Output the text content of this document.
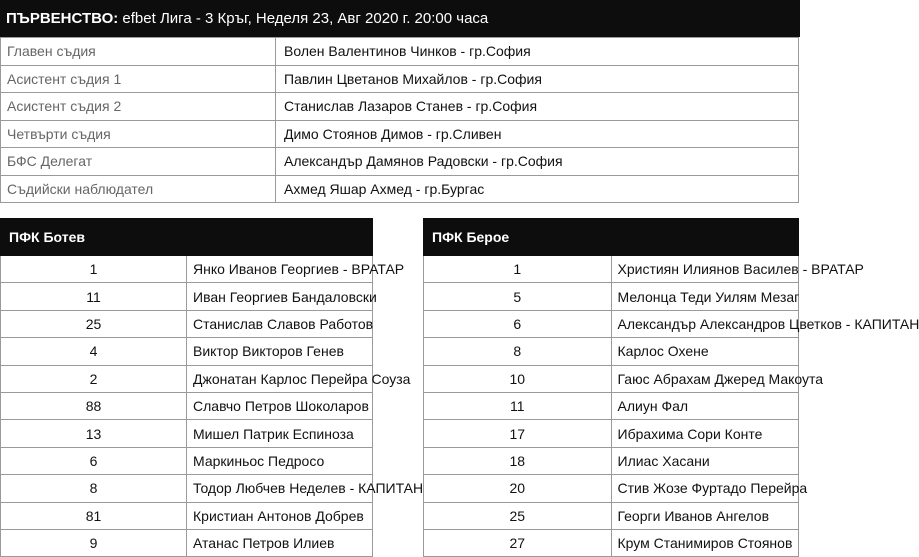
ПЪРВЕНСТВО: efbet Лига - 3 Кръг, Неделя 23, Авг 2020 г. 20:00 часа
Главен съдия	Волен Валентинов Чинков - гр.София
Асистент съдия 1	Павлин Цветанов Михайлов - гр.София
Асистент съдия 2	Станислав Лазаров Станев - гр.София
Четвърти съдия	Димо Стоянов Димов - гр.Сливен
БФС Делегат	Александър Дамянов Радовски - гр.София
Съдийски наблюдател	Ахмед Яшар Ахмед - гр.Бургас
ПФК Ботев	
1	Янко Иванов Георгиев - ВРАТАР
11	Иван Георгиев Бандаловски
25	Станислав Славов Работов
4	Виктор Викторов Генев
2	Джонатан Карлос Перейра Соуза
88	Славчо Петров Шоколаров
13	Мишел Патрик Еспиноза
6	Маркиньос Педросо
8	Тодор Любчев Неделев - КАПИТАН
81	Кристиан Антонов Добрев
9	Атанас Петров Илиев
ПФК Берое	
1	Християн Илиянов Василев - ВРАТАР
5	Мелонца Теди Уилям Мезаг
6	Александър Александров Цветков - КАПИТАН
8	Карлос Охене
10	Гаюс Абрахам Джеред Макоута
11	Алиун Фал
17	Ибрахима Сори Конте
18	Илиас Хасани
20	Стив Жозе Фуртадо Перейра
25	Георги Иванов Ангелов
27	Крум Станимиров Стоянов
